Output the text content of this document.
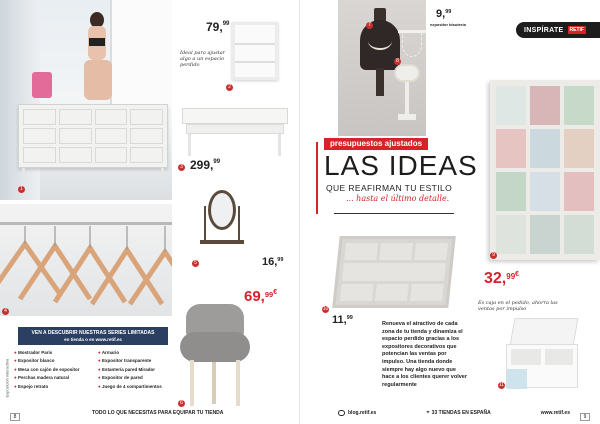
1
79,99
Ideal para ajustar algo a un espacio perdido
2
299,99
3
4
16,99
5
69,$^{99€}$
6
VEN A DESCUBRIR NUESTRAS SERIES LIMITADAS
en tienda o en www.retif.es
Exposición interactiva
● Mostrador Paris
● Expositor blanco
● Mesa con cajón de expositor
● Perchas madera natural
● Espejo retrato
● Armario
● Expositor transparente
● Estantería pared Mirador
● Expositor de pared
● Juego de 4 compartimentos
8
TODO LO QUE NECESITAS PARA EQUIPAR TU TIENDA
7
8
9,99
expositor bisutería
INSPÍRATE	RETIF
presupuestos ajustados
LAS IDEAS
QUE REAFIRMAN TU ESTILO
... hasta el último detalle.
32,$^{99€}$
9
11,99
10
Renueva el atractivo de cada zona de tu tienda y dinamiza el espacio perdido gracias a los expositores decorativos que potencian las ventas por impulso. Una tienda donde siempre hay algo nuevo que hace a los clientes querer volver regularmente
Es caja en el pedido, ahorra las ventas por impulso
11
blog.retif.es	⌖ 33 TIENDAS EN ESPAÑA	www.retif.es
9
